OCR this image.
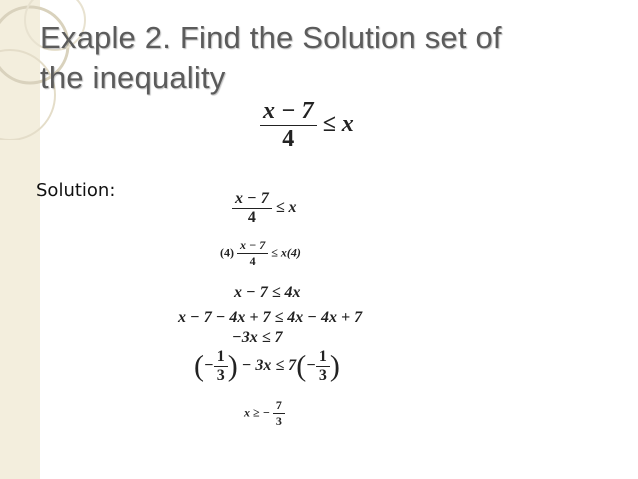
Exaple 2. Find the Solution set of
the inequality
$\frac{x - 7}{4} \le x$
Solution:	$\frac{x - 7}{4} \le x$
$(4) \frac{x - 7}{4} \le x(4)$
x − 7 ≤ 4x
x − 7 − 4x + 7 ≤ 4x − 4x + 7
−3x ≤ 7
(− $\frac{1}{3}$ ) − $3x \le 7(- \frac{1}{3}$ )
x ≥ − $\frac{7}{3}$
